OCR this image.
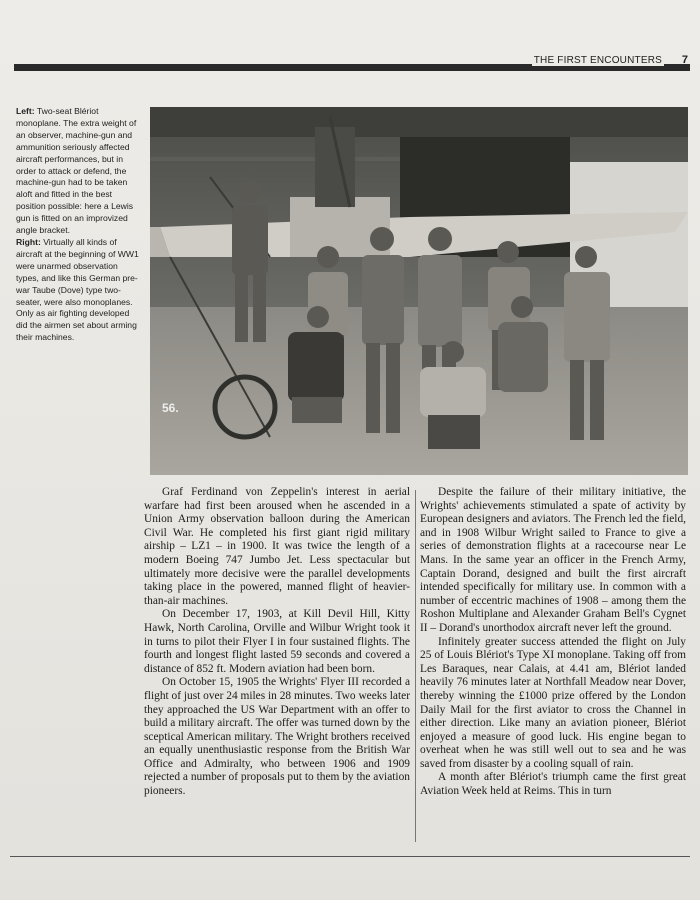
THE FIRST ENCOUNTERS 7
Left: Two-seat Blériot monoplane. The extra weight of an observer, machine-gun and ammunition seriously affected aircraft performances, but in order to attack or defend, the machine-gun had to be taken aloft and fitted in the best position possible: here a Lewis gun is fitted on an improvized angle bracket.
Right: Virtually all kinds of aircraft at the beginning of WW1 were unarmed observation types, and like this German pre-war Taube (Dove) type two-seater, were also monoplanes. Only as air fighting developed did the airmen set about arming their machines.
56.

Graf Ferdinand von Zeppelin's interest in aerial warfare had first been aroused when he ascended in a Union Army observation balloon during the American Civil War. He completed his first giant rigid military airship – LZ1 – in 1900. It was twice the length of a modern Boeing 747 Jumbo Jet. Less spectacular but ultimately more decisive were the parallel developments taking place in the powered, manned flight of heavier-than-air machines.

On December 17, 1903, at Kill Devil Hill, Kitty Hawk, North Carolina, Orville and Wilbur Wright took it in turns to pilot their Flyer I in four sustained flights. The fourth and longest flight lasted 59 seconds and covered a distance of 852 ft. Modern aviation had been born.

On October 15, 1905 the Wrights' Flyer III recorded a flight of just over 24 miles in 28 minutes. Two weeks later they approached the US War Department with an offer to build a military aircraft. The offer was turned down by the sceptical American military. The Wright brothers received an equally unenthusiastic response from the British War Office and Admiralty, who between 1906 and 1909 rejected a number of proposals put to them by the aviation pioneers.

Despite the failure of their military initiative, the Wrights' achievements stimulated a spate of activity by European designers and aviators. The French led the field, and in 1908 Wilbur Wright sailed to France to give a series of demonstration flights at a racecourse near Le Mans. In the same year an officer in the French Army, Captain Dorand, designed and built the first aircraft intended specifically for military use. In common with a number of eccentric machines of 1908 – among them the Roshon Multiplane and Alexander Graham Bell's Cygnet II – Dorand's unorthodox aircraft never left the ground.

Infinitely greater success attended the flight on July 25 of Louis Blériot's Type XI monoplane. Taking off from Les Baraques, near Calais, at 4.41 am, Blériot landed heavily 76 minutes later at Northfall Meadow near Dover, thereby winning the £1000 prize offered by the London Daily Mail for the first aviator to cross the Channel in either direction. Like many an aviation pioneer, Blériot enjoyed a measure of good luck. His engine began to overheat when he was still well out to sea and he was saved from disaster by a cooling squall of rain.

A month after Blériot's triumph came the first great Aviation Week held at Reims. This in turn
